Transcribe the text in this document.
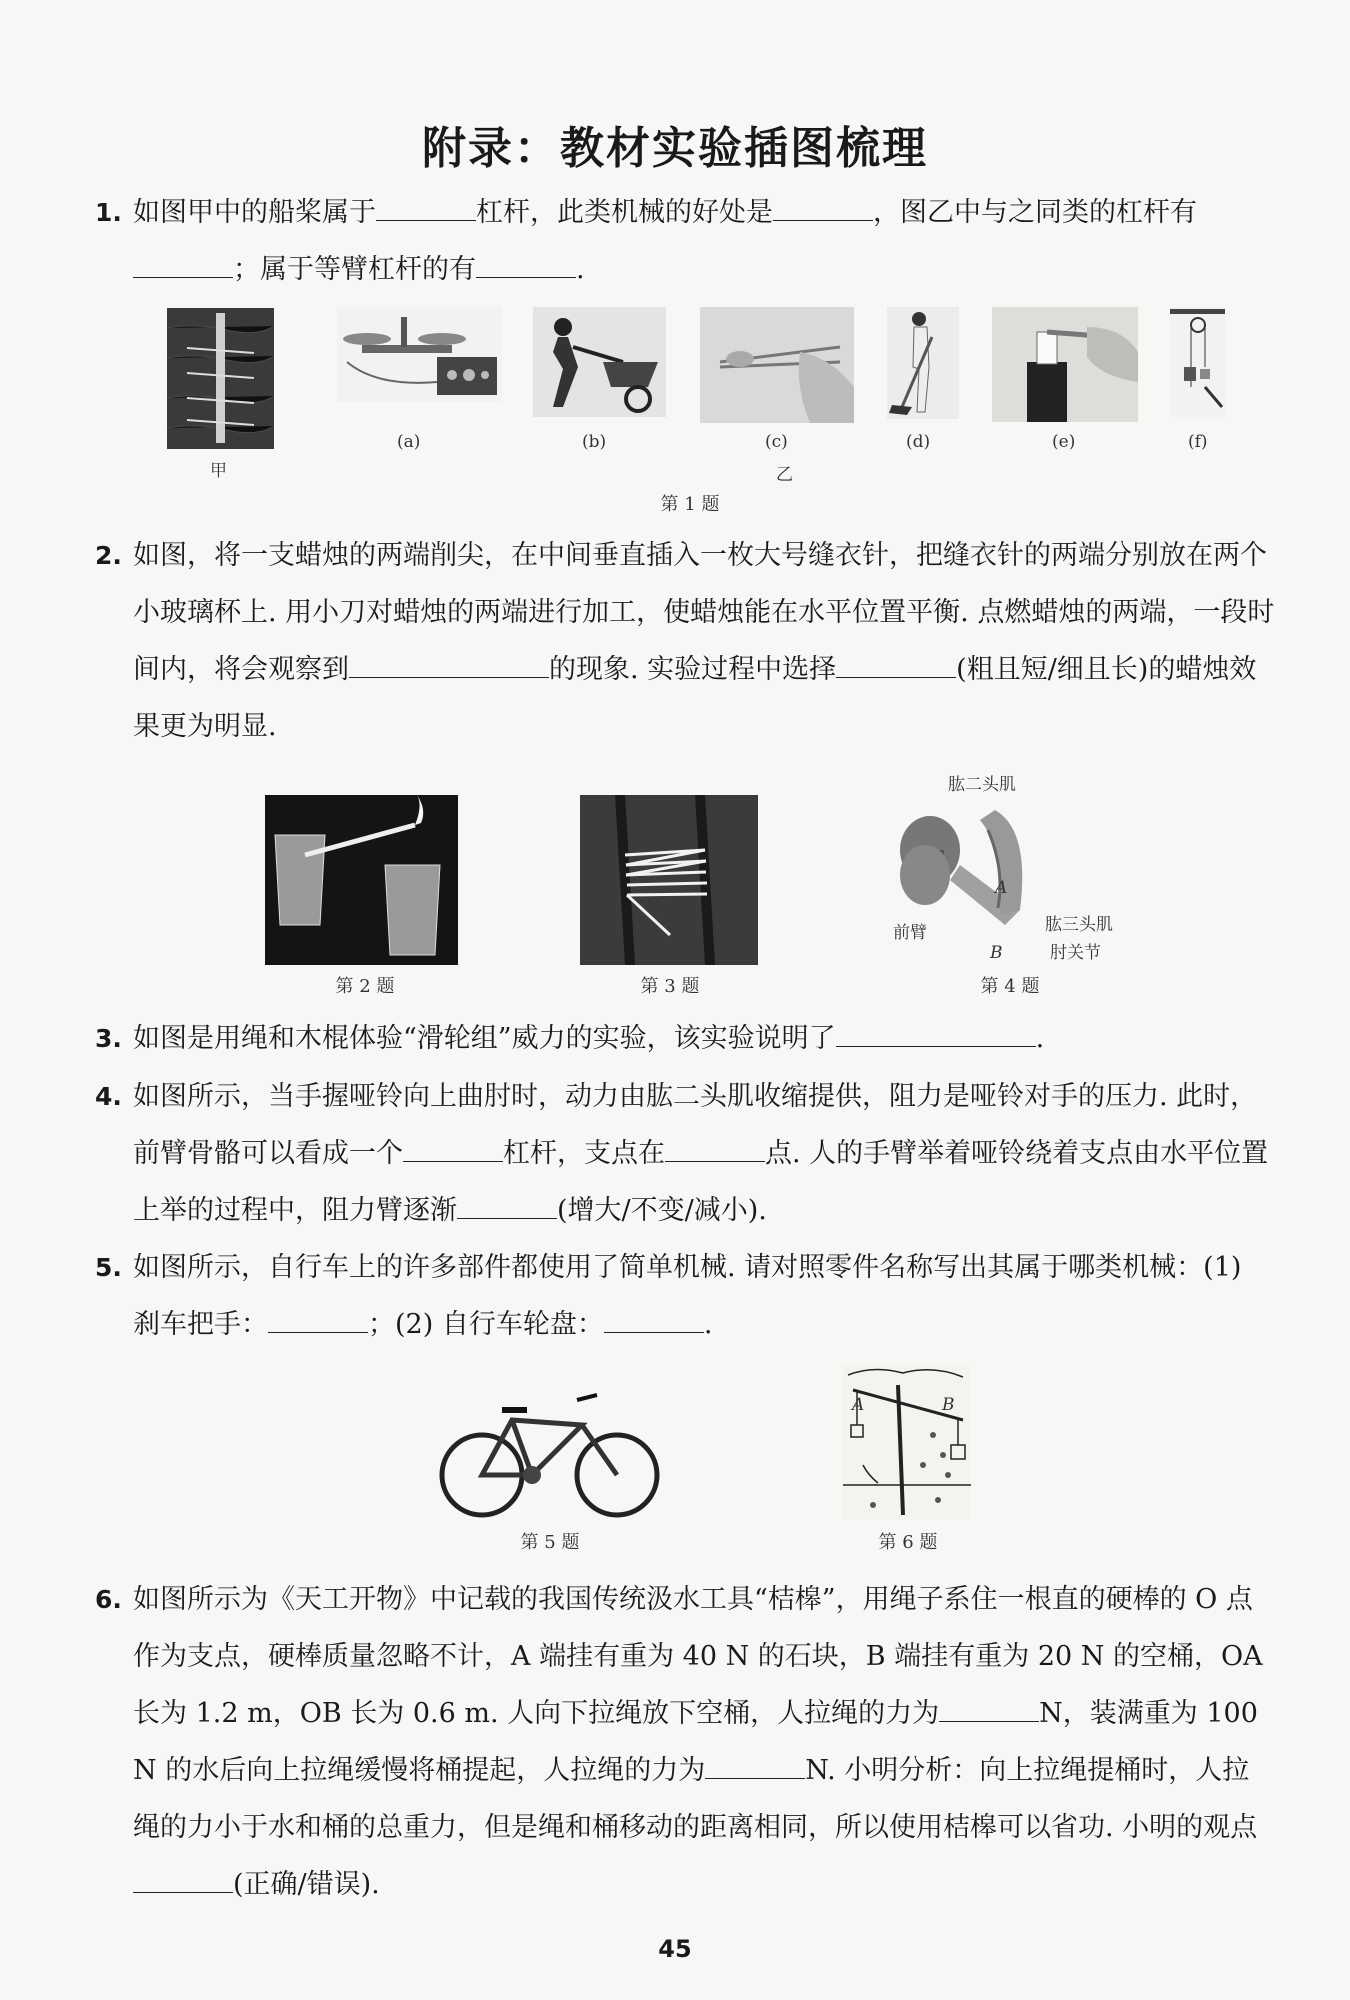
附录：教材实验插图梳理
1. 如图甲中的船桨属于	杠杆，此类机械的好处是	，图乙中与之同类的杠杆有；属于等臂杠杆的有	.
甲
(a)	(b)	(c)	(d)	(e)	(f)
乙
第 1 题
2. 如图，将一支蜡烛的两端削尖，在中间垂直插入一枚大号缝衣针，把缝衣针的两端分别放在两个小玻璃杯上. 用小刀对蜡烛的两端进行加工，使蜡烛能在水平位置平衡. 点燃蜡烛的两端，一段时间内，将会观察到	的现象. 实验过程中选择	(粗且短/细且长)的蜡烛效果更为明显.
肱二头肌
肱三头肌
前臂
肘关节
A
B
第 2 题	第 3 题	第 4 题
3. 如图是用绳和木棍体验“滑轮组”威力的实验，该实验说明了	.
4. 如图所示，当手握哑铃向上曲肘时，动力由肱二头肌收缩提供，阻力是哑铃对手的压力. 此时，前臂骨骼可以看成一个	杠杆，支点在	点. 人的手臂举着哑铃绕着支点由水平位置上举的过程中，阻力臂逐渐	(增大/不变/减小).
5. 如图所示，自行车上的许多部件都使用了简单机械. 请对照零件名称写出其属于哪类机械：(1) 刹车把手：	；(2) 自行车轮盘：	.
A	B
第 5 题	第 6 题
6. 如图所示为《天工开物》中记载的我国传统汲水工具“桔槔”，用绳子系住一根直的硬棒的 O 点作为支点，硬棒质量忽略不计，A 端挂有重为 40 N 的石块，B 端挂有重为 20 N 的空桶，OA 长为 1.2 m，OB 长为 0.6 m. 人向下拉绳放下空桶，人拉绳的力为	N，装满重为 100 N 的水后向上拉绳缓慢将桶提起，人拉绳的力为	N. 小明分析：向上拉绳提桶时，人拉绳的力小于水和桶的总重力，但是绳和桶移动的距离相同，所以使用桔槔可以省功. 小明的观点(正确/错误).
45
